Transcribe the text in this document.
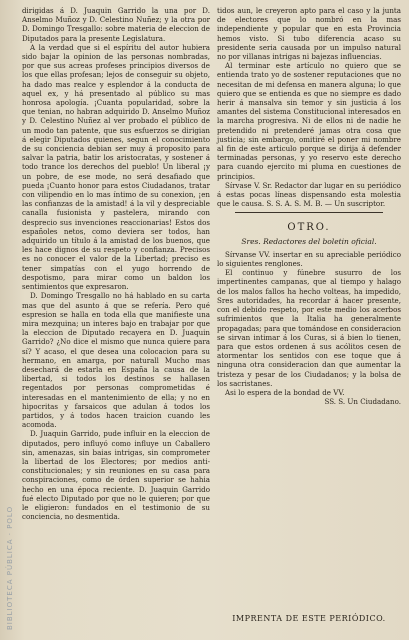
BIBLIOTECA PÚBLICA · POLO

dirigidas á D. Juaquin Garrido la una por D. Anselmo Muñoz y D. Celestino Nuñez; y la otra por D. Domingo Tresgallo: sobre materia de eleccion de Diputados para la presente Legislatura.

A la verdad que si el espíritu del autor hubiera sido bajar la opinion de las personas nombradas, por que sus acreas profeses principios diversos de los que ellas profesan; lejos de conseguir su objeto, ha dado mas realce y esplendor á la conducta de aquel ex, y há presentado al público su mas honrosa apología. ¡Cuanta popularidad, sobre la que tenian, no habran adquirido D. Anselmo Muñoz y D. Celestino Nuñez al ver probado el público de un modo tan patente, que sus esfuerzos se dirigian á elegir Diputados quienes, segun el conocimiento de su conciencia debian ser muy á proposito para salvar la patria, batir los aristocratas, y sostener á todo trance los derechos del pueblo! Un liberal ¡y un pobre, de ese mode, no será desafiado que pueda ¡Cuanto honor para estos Ciudadanos, tratar con vilipendio en lo mas íntimo de su conexion, ¡en las confianzas de la amistad! á la vil y despreciable canalla fusionista y pastelera, mirando con desprecio sus invenciones reaccionarias! Estos dos españoles netos, como deviera ser todos, han adquirido un título á la amistad de los buenos, que les hace dignos de su respeto y confianza. Precisos es no conocer el valor de la Libertad; preciso es tener simpatías con el yugo horrendo de despotismo, para mirar como un baldon los sentimientos que expresaron.

D. Domingo Tresgallo no há hablado en su carta mas que del asunto á que se refería. Pero qué espresion se halla en toda ella que manifieste una mira mezquina; un interes bajo en trabajar por que la eleccion de Diputado recayera en D. Juaquin Garrido? ¿No dice el mismo que nunca quiere para sí? Y acaso, el que desea una colocacion para su hermano, en amarga, por naturall Mucho mas desechará de estarla en España la causa de la libertad, si todos los destinos se hallasen regentados por personas comprometidas é interesadas en el mantenimiento de ella; y no en hipocritas y farsaicos que adulan á todos los partidos, y á todos hacen traicion cuando les acomoda.

D. Juaquin Garrido, pude influir en la eleccion de diputados, pero influyó como influye un Caballero sin, amenazas, sin baias intrigas, sin comprometer la libertad de los Electores; por medios anti-constitucionales; y sin reuniones en su casa para conspiraciones, como de órden superior se hahia hecho en una época reciente. D. Juaquin Garrido fué electo Diputado por que no le quieren; por que le eligieron: fundados en el testimonio de su conciencia, no desmentida.

tidos aun, le creyeron apto para el caso y la junta de electores que lo nombró en la mas independiente y popular que en esta Provincia hemos visto. Si tubo diferencia acaso su presidente seria causada por un impulso natural no por villanas intrigas ni bajezas influencias.

Al terminar este artículo no quiero que se entienda trato yo de sostener reputaciones que no necesitan de mi defensa en manera alguna; lo que quiero que se entienda es que no siempre es dado herir á mansalva sin temor y sin justicia á los amantes del sistema Constitucional interesados en la marcha progresiva. Ni de ellos ni de nadie he pretendido ni pretenderé jamas otra cosa que justicia; sin embargo, omitiré el poner mi nombre al fin de este articulo porque se dirija á defender terminadas personas, y yo reservo este derecho para cuando ejercito mi pluma en cuestiones de principios.

Sírvase V. Sr. Redactor dar lugar en su periódico á estas pocas líneas dispensando esta molestia que le causa. S. S. A. S. M. B. — Un suscriptor.

OTRO.
Sres. Redactores del boletin oficial.

Sírvanse VV. insertar en su apreciable periódico lo siguientes renglones.

El continuo y fúnebre susurro de los impertinentes campanas, que al tiempo y halago de los malos fallos ha hecho volteas, ha impedido, Sres autoridades, ha recordar á hacer presente, con el debido respeto, por este medio los acerbos sufrimientos que la Italia ha generalmente propagadas; para que tomándose en consideracion se sirvan intimar á los Curas, si á bien lo tienen, para que estos ordenen á sus acólitos cesen de atormentar los sentidos con ese toque que á ninguna otra consideracion dan que aumentar la tristeza y pesar de los Ciudadanos; y la bolsa de los sacristanes.

Asi lo espera de la bondad de VV.

SS. S. Un Ciudadano.

IMPRENTA DE ESTE PERIÓDICO.
